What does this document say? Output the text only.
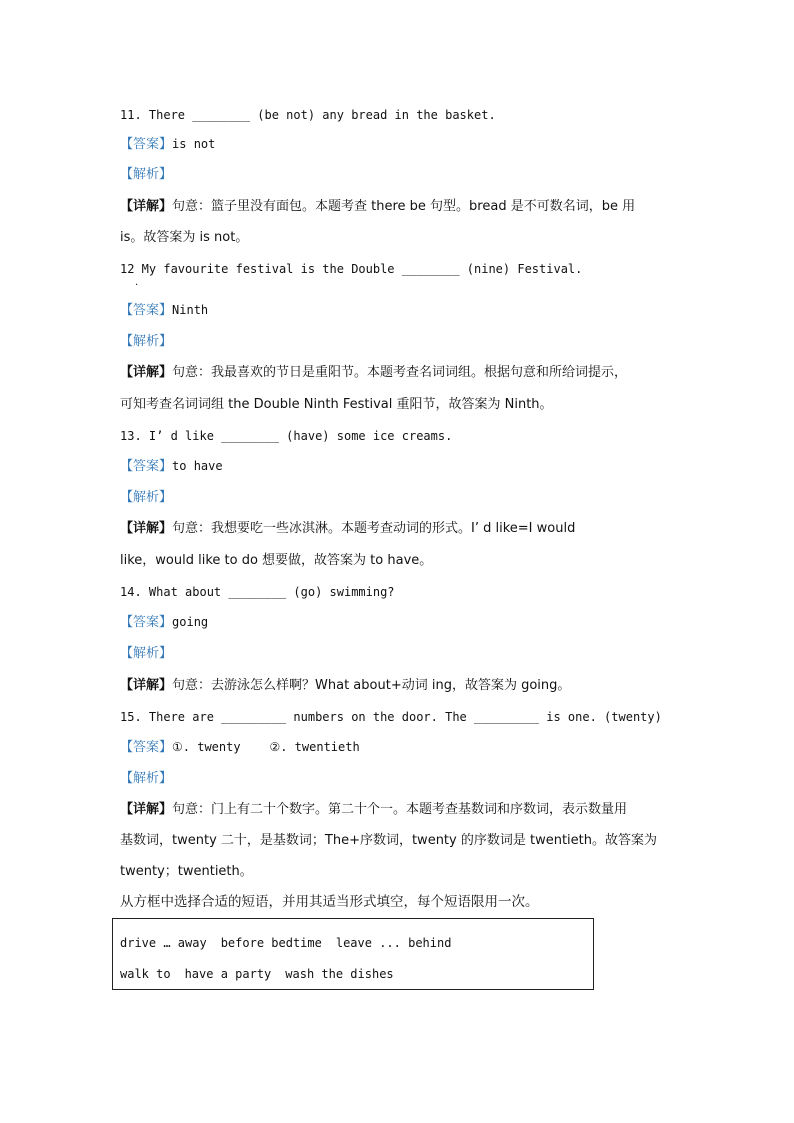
11. There ________ (be not) any bread in the basket.
【答案】is not
【解析】
【详解】句意：篮子里没有面包。本题考查 there be 句型。bread 是不可数名词，be 用
is。故答案为 is not。
12 My favourite festival is the Double ________ (nine) Festival.
·
【答案】Ninth
【解析】
【详解】句意：我最喜欢的节日是重阳节。本题考查名词词组。根据句意和所给词提示，
可知考查名词词组 the Double Ninth Festival 重阳节，故答案为 Ninth。
13. I’ d like ________ (have) some ice creams.
【答案】to have
【解析】
【详解】句意：我想要吃一些冰淇淋。本题考查动词的形式。I’ d like=I would
like，would like to do 想要做，故答案为 to have。
14. What about ________ (go) swimming?
【答案】going
【解析】
【详解】句意：去游泳怎么样啊？What about+动词 ing，故答案为 going。
15. There are _________ numbers on the door. The _________ is one. (twenty)
【答案】①. twenty    ②. twentieth
【解析】
【详解】句意：门上有二十个数字。第二十个一。本题考查基数词和序数词，表示数量用
基数词，twenty 二十，是基数词；The+序数词，twenty 的序数词是 twentieth。故答案为
twenty；twentieth。
从方框中选择合适的短语，并用其适当形式填空，每个短语限用一次。
drive … away before bedtime leave ... behind
walk to have a party wash the dishes
